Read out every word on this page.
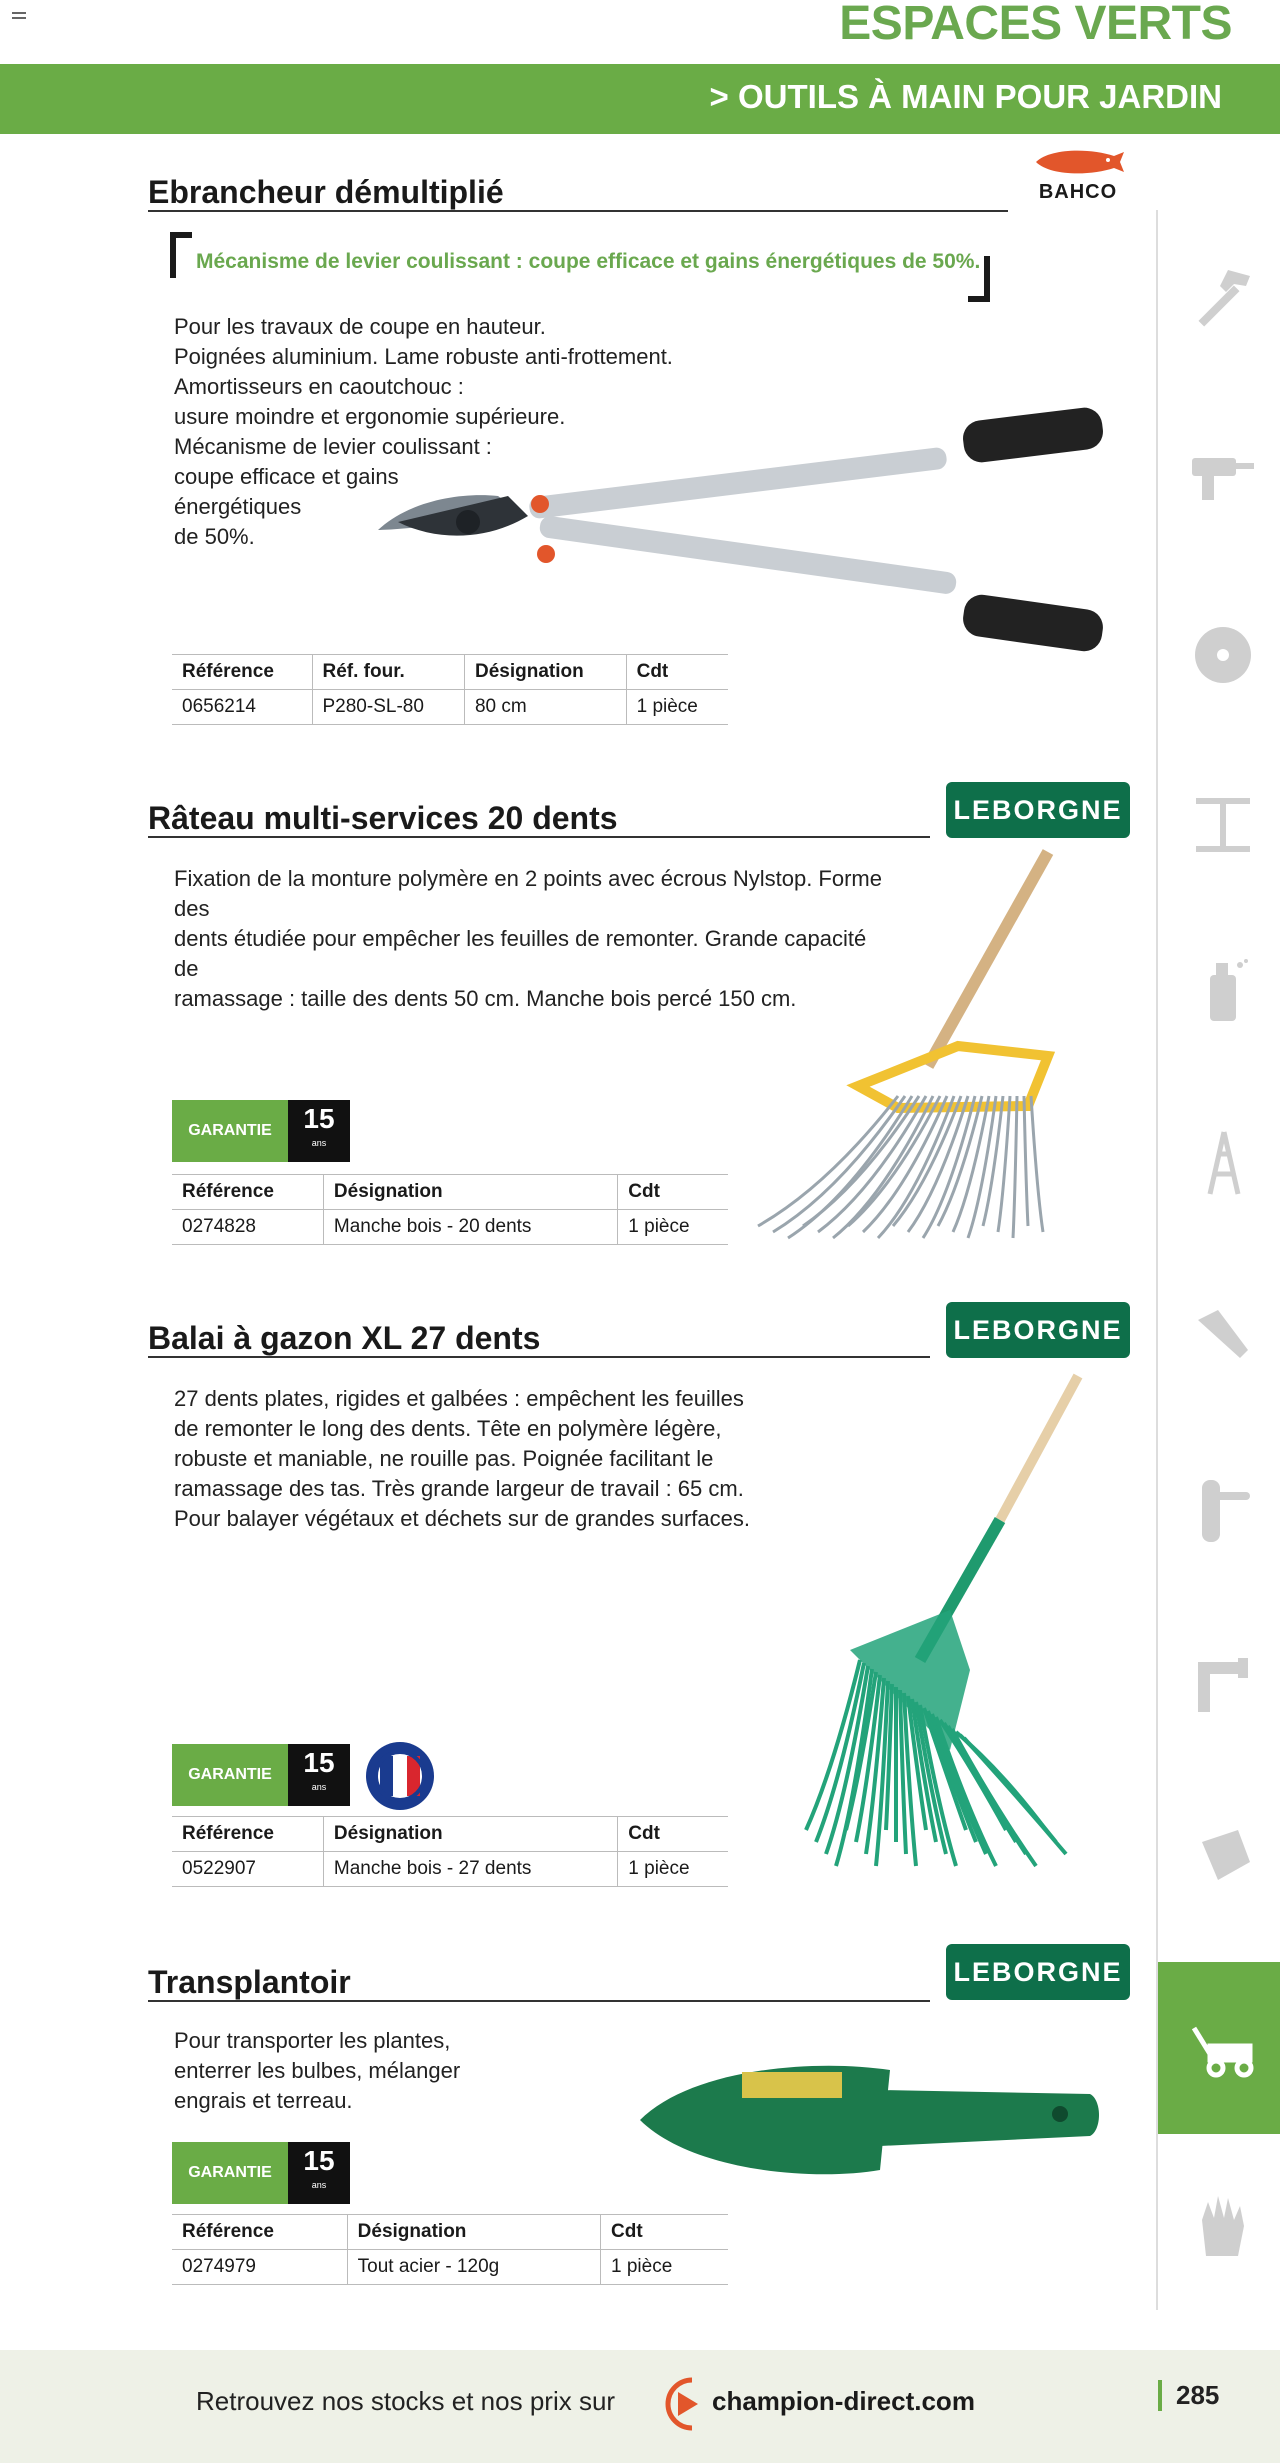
ESPACES VERTS
> OUTILS À MAIN POUR JARDIN
Ebrancheur démultiplié	BAHCO
Mécanisme de levier coulissant : coupe efficace et gains énergétiques de 50%.
Pour les travaux de coupe en hauteur.
Poignées aluminium. Lame robuste anti-frottement.
Amortisseurs en caoutchouc :
usure moindre et ergonomie supérieure.
Mécanisme de levier coulissant :
coupe efficace et gains
énergétiques
de 50%.
Référence	Réf. four.	Désignation	Cdt
0656214	P280-SL-80	80 cm	1 pièce
LEBORGNE
Râteau multi-services 20 dents
Fixation de la monture polymère en 2 points avec écrous Nylstop. Forme des
dents étudiée pour empêcher les feuilles de remonter. Grande capacité de
ramassage : taille des dents 50 cm. Manche bois percé 150 cm.
GARANTIE	15
ans
Référence	Désignation	Cdt
0274828	Manche bois - 20 dents	1 pièce
LEBORGNE
Balai à gazon XL 27 dents
27 dents plates, rigides et galbées : empêchent les feuilles
de remonter le long des dents. Tête en polymère légère,
robuste et maniable, ne rouille pas. Poignée facilitant le
ramassage des tas. Très grande largeur de travail : 65 cm.
Pour balayer végétaux et déchets sur de grandes surfaces.
GARANTIE	15
ans
Référence	Désignation	Cdt
0522907	Manche bois - 27 dents	1 pièce
LEBORGNE
Transplantoir
Pour transporter les plantes,
enterrer les bulbes, mélanger
engrais et terreau.
GARANTIE	15
ans
Référence	Désignation	Cdt
0274979	Tout acier - 120g	1 pièce
Retrouvez nos stocks et nos prix sur	champion-direct.com	285
